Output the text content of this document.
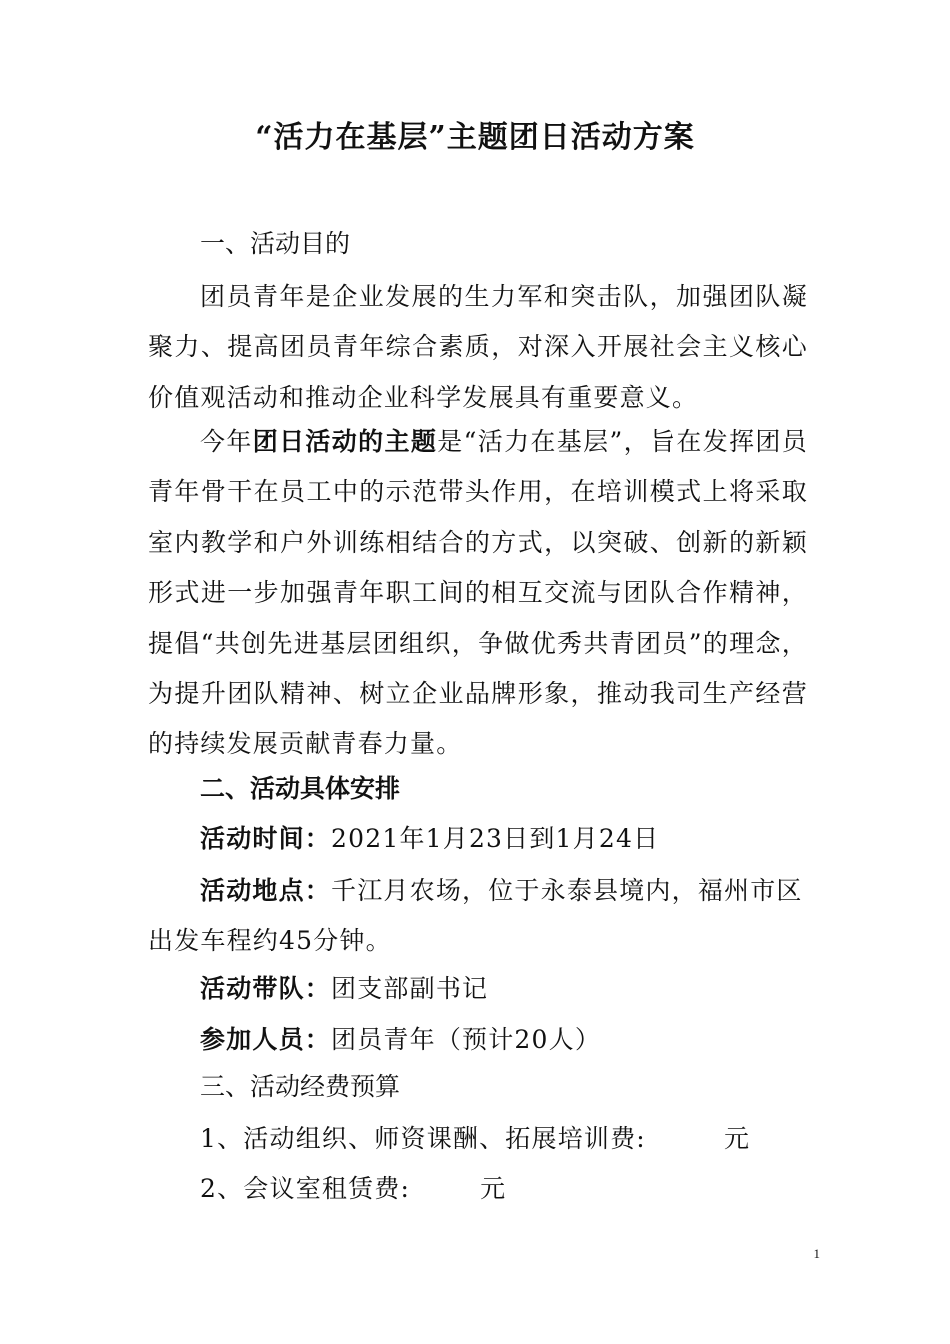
“活力在基层”主题团日活动方案
一、活动目的
团员青年是企业发展的生力军和突击队，加强团队凝聚力、提高团员青年综合素质，对深入开展社会主义核心价值观活动和推动企业科学发展具有重要意义。
今年团日活动的主题是“活力在基层”，旨在发挥团员青年骨干在员工中的示范带头作用，在培训模式上将采取室内教学和户外训练相结合的方式，以突破、创新的新颖形式进一步加强青年职工间的相互交流与团队合作精神，提倡“共创先进基层团组织，争做优秀共青团员”的理念，为提升团队精神、树立企业品牌形象，推动我司生产经营的持续发展贡献青春力量。
二、活动具体安排
活动时间：2021年1月23日到1月24日
活动地点：千江月农场，位于永泰县境内，福州市区出发车程约45分钟。
活动带队：团支部副书记
参加人员：团员青年（预计20人）
三、活动经费预算
1、活动组织、师资课酬、拓展培训费:	元
2、会议室租赁费:	元
1
